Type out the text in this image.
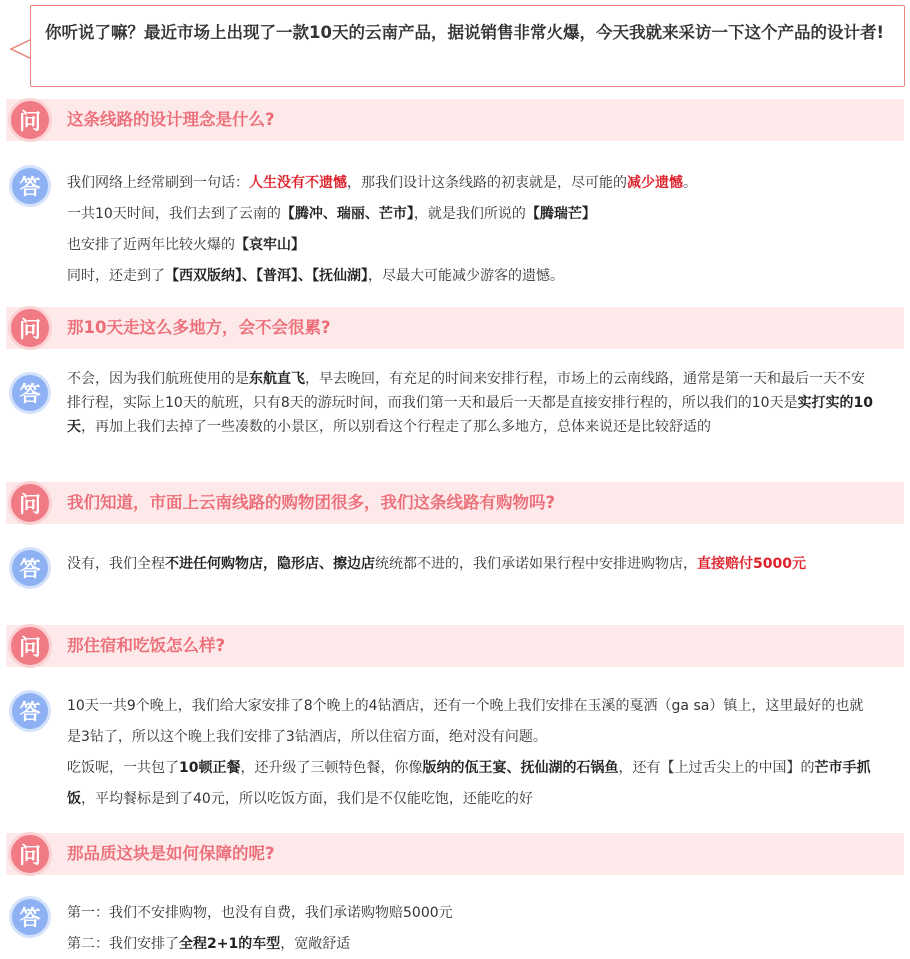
你听说了嘛？最近市场上出现了一款10天的云南产品，据说销售非常火爆，今天我就来采访一下这个产品的设计者!
问	这条线路的设计理念是什么?
答	我们网络上经常刷到一句话：人生没有不遗憾，那我们设计这条线路的初衷就是，尽可能的减少遗憾。

一共10天时间，我们去到了云南的【腾冲、瑞丽、芒市】，就是我们所说的【腾瑞芒】

也安排了近两年比较火爆的【哀牢山】

同时，还走到了【西双版纳】、【普洱】、【抚仙湖】，尽最大可能减少游客的遗憾。

问	那10天走这么多地方，会不会很累?
答

不会，因为我们航班使用的是东航直飞，早去晚回，有充足的时间来安排行程，市场上的云南线路，通常是第一天和最后一天不安排行程，实际上10天的航班，只有8天的游玩时间，而我们第一天和最后一天都是直接安排行程的，所以我们的10天是实打实的10天，再加上我们去掉了一些凑数的小景区，所以别看这个行程走了那么多地方，总体来说还是比较舒适的

问	我们知道，市面上云南线路的购物团很多，我们这条线路有购物吗?
答	没有，我们全程不进任何购物店，隐形店、擦边店统统都不进的，我们承诺如果行程中安排进购物店，直接赔付5000元

问	那住宿和吃饭怎么样?
答	10天一共9个晚上，我们给大家安排了8个晚上的4钻酒店，还有一个晚上我们安排在玉溪的戛洒（ga sa）镇上，这里最好的也就是3钻了，所以这个晚上我们安排了3钻酒店，所以住宿方面，绝对没有问题。

吃饭呢，一共包了10顿正餐，还升级了三顿特色餐，你像版纳的佤王宴、抚仙湖的石锅鱼，还有【上过舌尖上的中国】的芒市手抓饭，平均餐标是到了40元，所以吃饭方面，我们是不仅能吃饱，还能吃的好

问	那品质这块是如何保障的呢?
答	第一：我们不安排购物，也没有自费，我们承诺购物赔5000元

第二：我们安排了全程2+1的车型，宽敞舒适
